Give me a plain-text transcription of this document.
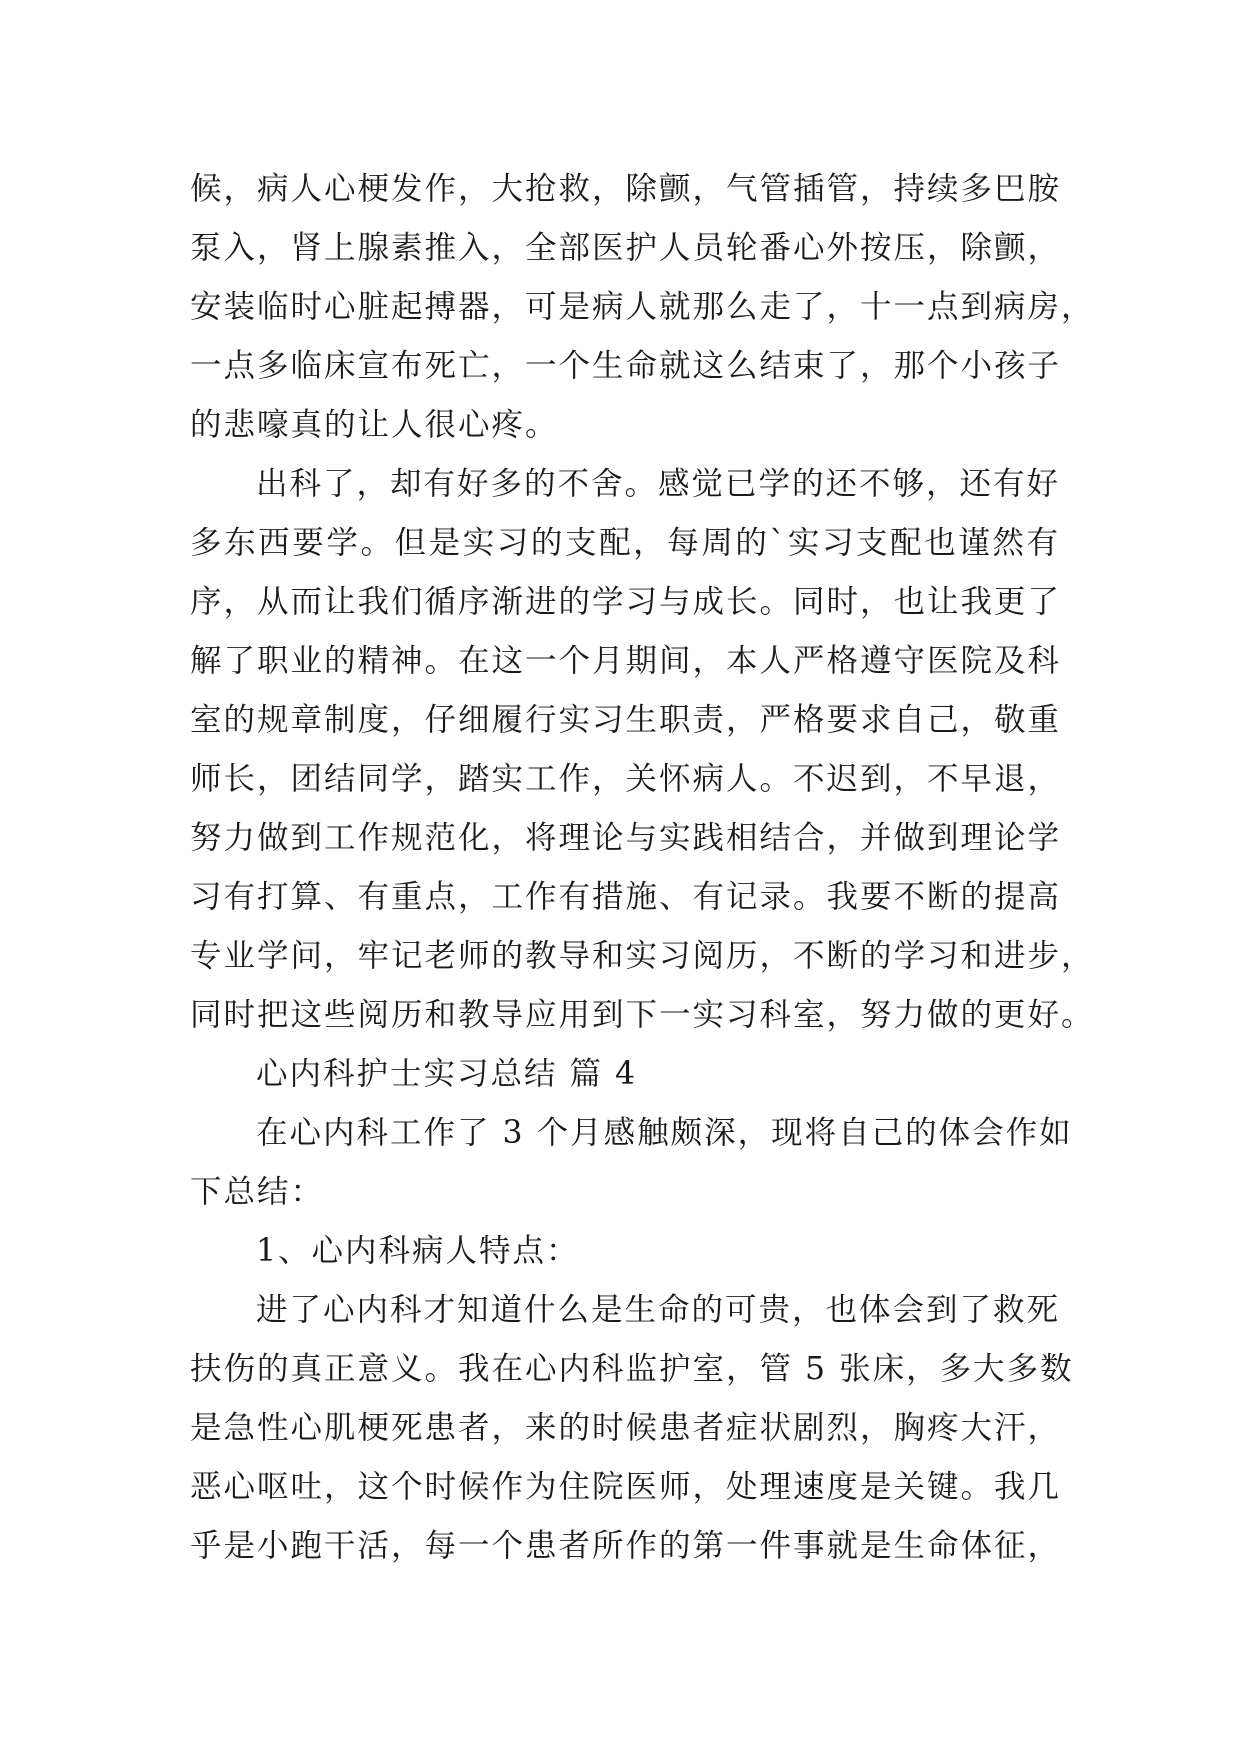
候，病人心梗发作，大抢救，除颤，气管插管，持续多巴胺
泵入，肾上腺素推入，全部医护人员轮番心外按压，除颤，
安装临时心脏起搏器，可是病人就那么走了，十一点到病房，
一点多临床宣布死亡，一个生命就这么结束了，那个小孩子
的悲嚎真的让人很心疼。
出科了，却有好多的不舍。感觉已学的还不够，还有好
多东西要学。但是实习的支配，每周的`实习支配也谨然有
序，从而让我们循序渐进的学习与成长。同时，也让我更了
解了职业的精神。在这一个月期间，本人严格遵守医院及科
室的规章制度，仔细履行实习生职责，严格要求自己，敬重
师长，团结同学，踏实工作，关怀病人。不迟到，不早退，
努力做到工作规范化，将理论与实践相结合，并做到理论学
习有打算、有重点，工作有措施、有记录。我要不断的提高
专业学问，牢记老师的教导和实习阅历，不断的学习和进步，
同时把这些阅历和教导应用到下一实习科室，努力做的更好。
心内科护士实习总结 篇 4
在心内科工作了 3 个月感触颇深，现将自己的体会作如
下总结：
1、心内科病人特点：
进了心内科才知道什么是生命的可贵，也体会到了救死
扶伤的真正意义。我在心内科监护室，管 5 张床，多大多数
是急性心肌梗死患者，来的时候患者症状剧烈，胸疼大汗，
恶心呕吐，这个时候作为住院医师，处理速度是关键。我几
乎是小跑干活，每一个患者所作的第一件事就是生命体征，
